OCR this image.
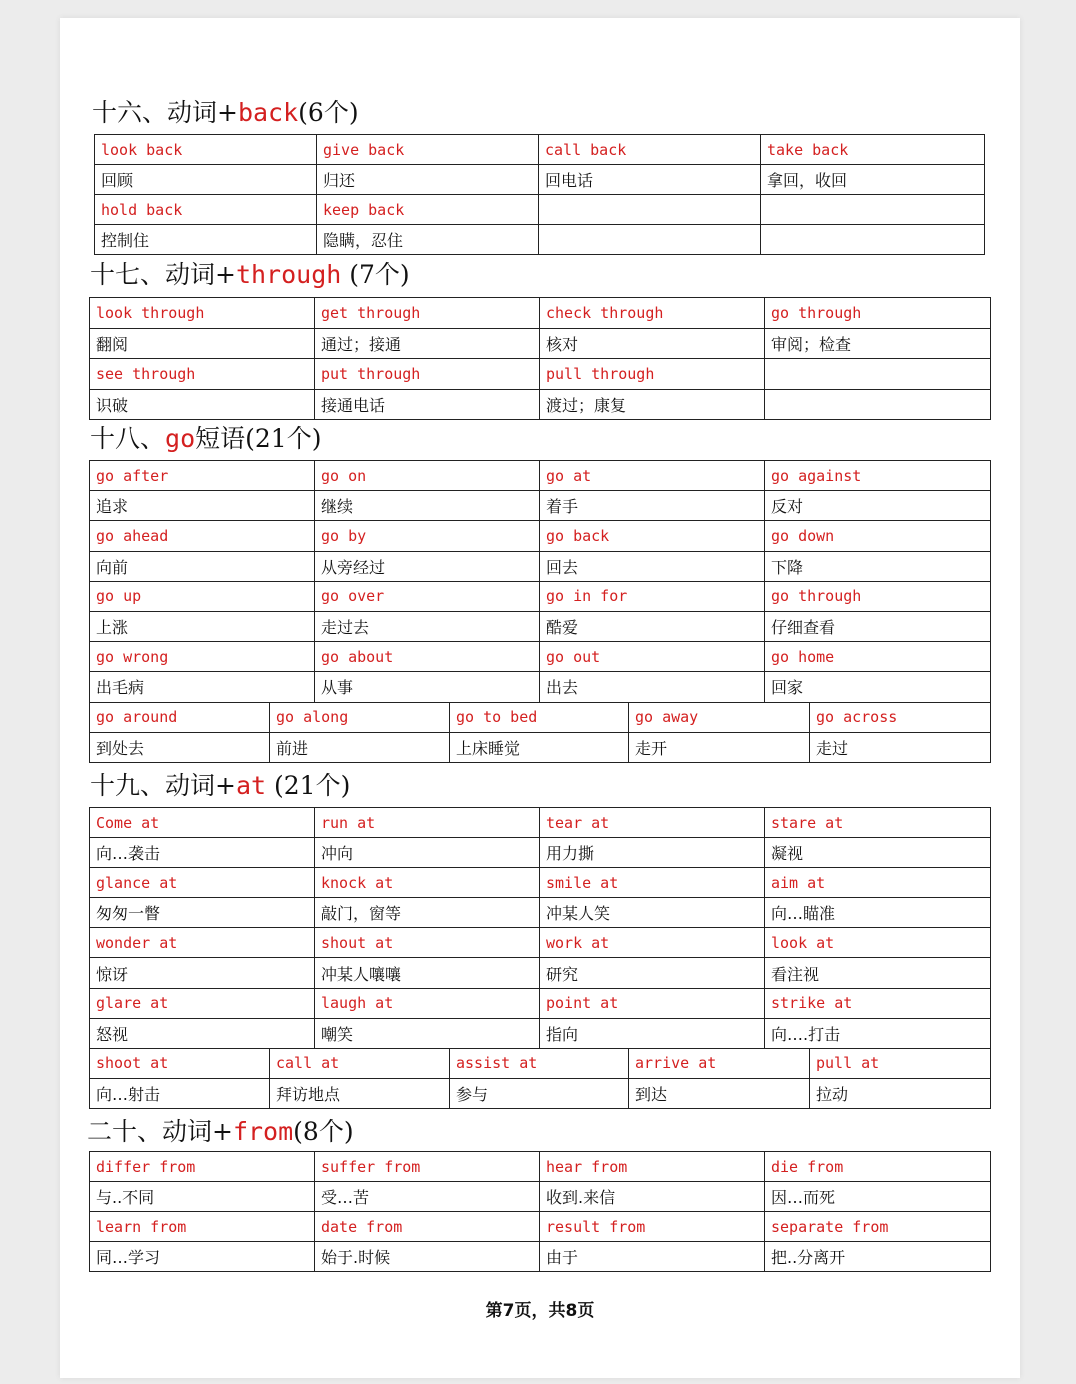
十六、动词+back(6个)
look back	give back	call back	take back
回顾	归还	回电话	拿回，收回
hold back	keep back		
控制住	隐瞒，忍住		
十七、动词+through (7个)
look through	get through	check through	go through
翻阅	通过；接通	核对	审阅；检查
see through	put through	pull through	
识破	接通电话	渡过；康复	
十八、go短语(21个)
go after	go on	go at	go against
追求	继续	着手	反对
go ahead	go by	go back	go down
向前	从旁经过	回去	下降
go up	go over	go in for	go through
上涨	走过去	酷爱	仔细查看
go wrong	go about	go out	go home
出毛病	从事	出去	回家
go around	go along	go to bed	go away	go across
到处去	前进	上床睡觉	走开	走过
十九、动词+at (21个)
Come at	run at	tear at	stare at
向…袭击	冲向	用力撕	凝视
glance at	knock at	smile at	aim at
匆匆一瞥	敲门，窗等	冲某人笑	向…瞄准
wonder at	shout at	work at	look at
惊讶	冲某人嚷嚷	研究	看注视
glare at	laugh at	point at	strike at
怒视	嘲笑	指向	向….打击
shoot at	call at	assist at	arrive at	pull at
向…射击	拜访地点	参与	到达	拉动
二十、动词+from(8个)
differ from	suffer from	hear from	die from
与..不同	受…苦	收到.来信	因…而死
learn from	date from	result from	separate from
同…学习	始于.时候	由于	把..分离开
第7页，共8页
